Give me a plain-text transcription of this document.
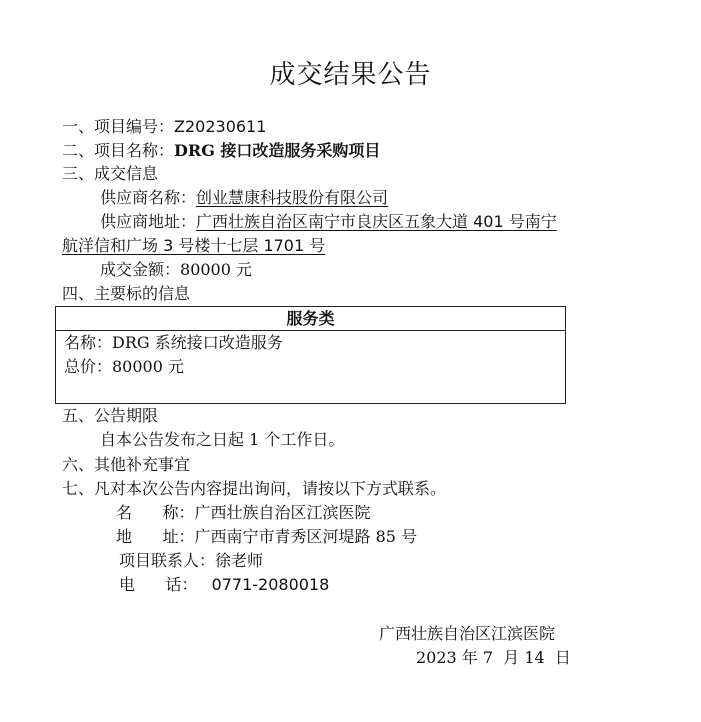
成交结果公告
一、项目编号：Z20230611
二、项目名称：DRG 接口改造服务采购项目
三、成交信息
供应商名称：创业慧康科技股份有限公司
供应商地址：广西壮族自治区南宁市良庆区五象大道 401 号南宁
航洋信和广场 3 号楼十七层 1701 号
成交金额：80000 元
四、主要标的信息
服务类
名称：DRG 系统接口改造服务
总价：80000 元
五、公告期限
自本公告发布之日起 1 个工作日。
六、其他补充事宜
七、凡对本次公告内容提出询问，请按以下方式联系。
名      称：广西壮族自治区江滨医院
地      址：广西南宁市青秀区河堤路 85 号
项目联系人：徐老师
电      话： 0771-2080018
广西壮族自治区江滨医院
2023 年 7  月 14  日
